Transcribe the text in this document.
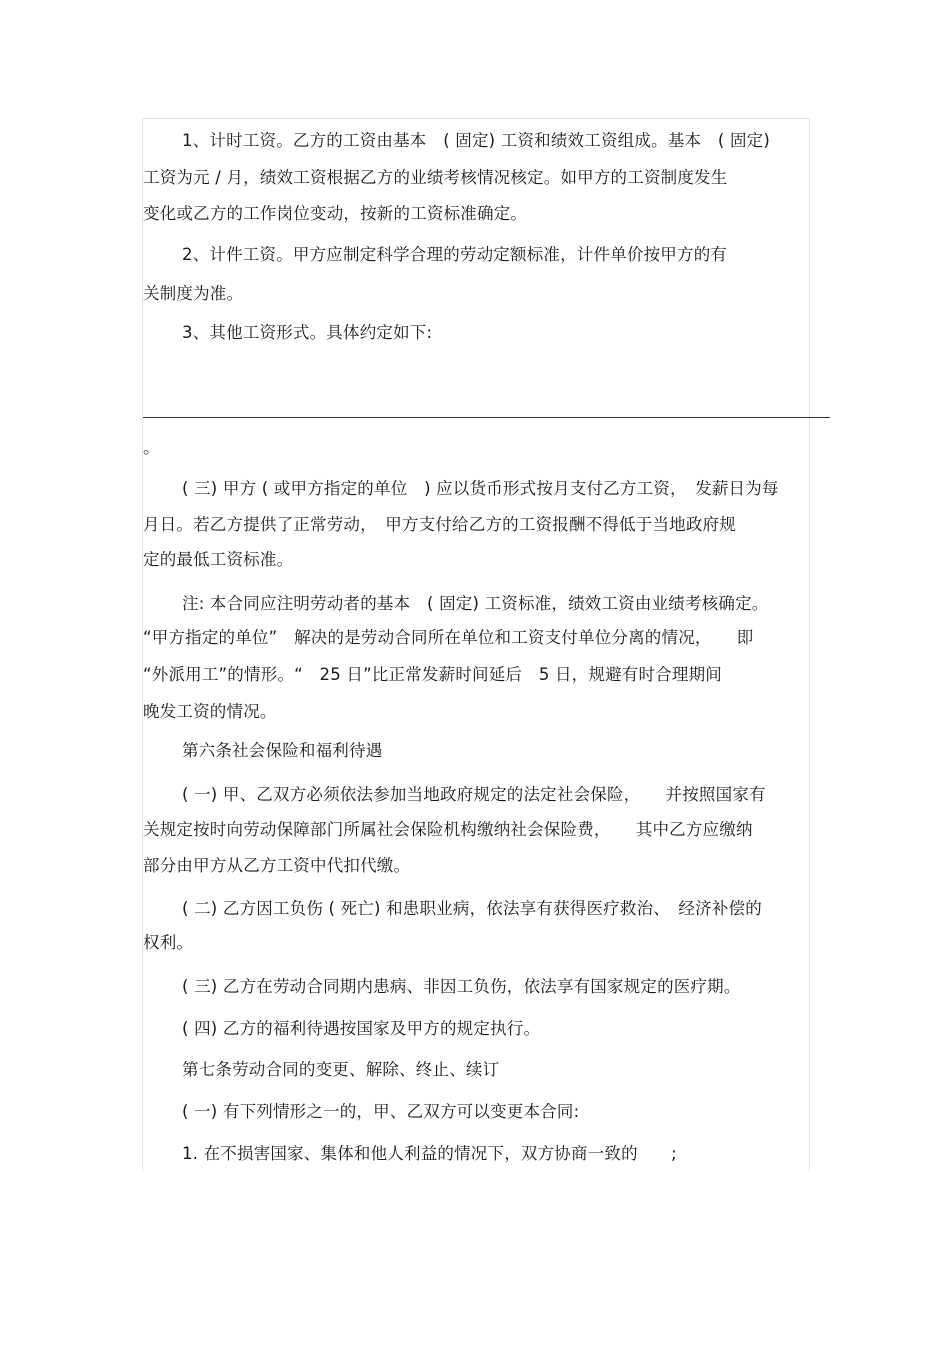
1、计时工资。乙方的工资由基本　( 固定) 工资和绩效工资组成。基本　( 固定)
工资为元 / 月，绩效工资根据乙方的业绩考核情况核定。如甲方的工资制度发生
变化或乙方的工作岗位变动，按新的工资标准确定。
2、计件工资。甲方应制定科学合理的劳动定额标准，计件单价按甲方的有
关制度为准。
3、其他工资形式。具体约定如下:
。
( 三) 甲方 ( 或甲方指定的单位　) 应以货币形式按月支付乙方工资，　发薪日为每
月日。若乙方提供了正常劳动，　甲方支付给乙方的工资报酬不得低于当地政府规
定的最低工资标准。
注: 本合同应注明劳动者的基本　( 固定) 工资标准，绩效工资由业绩考核确定。
“甲方指定的单位”　解决的是劳动合同所在单位和工资支付单位分离的情况，　　即
“外派用工”的情形。“　25 日”比正常发薪时间延后　5 日，规避有时合理期间
晚发工资的情况。
第六条社会保险和福利待遇
( 一) 甲、乙双方必须依法参加当地政府规定的法定社会保险，　　并按照国家有
关规定按时向劳动保障部门所属社会保险机构缴纳社会保险费，　　其中乙方应缴纳
部分由甲方从乙方工资中代扣代缴。
( 二) 乙方因工负伤 ( 死亡) 和患职业病，依法享有获得医疗救治、　经济补偿的
权利。
( 三) 乙方在劳动合同期内患病、非因工负伤，依法享有国家规定的医疗期。
( 四) 乙方的福利待遇按国家及甲方的规定执行。
第七条劳动合同的变更、解除、终止、续订
( 一) 有下列情形之一的，甲、乙双方可以变更本合同:
1. 在不损害国家、集体和他人利益的情况下，双方协商一致的　　;
